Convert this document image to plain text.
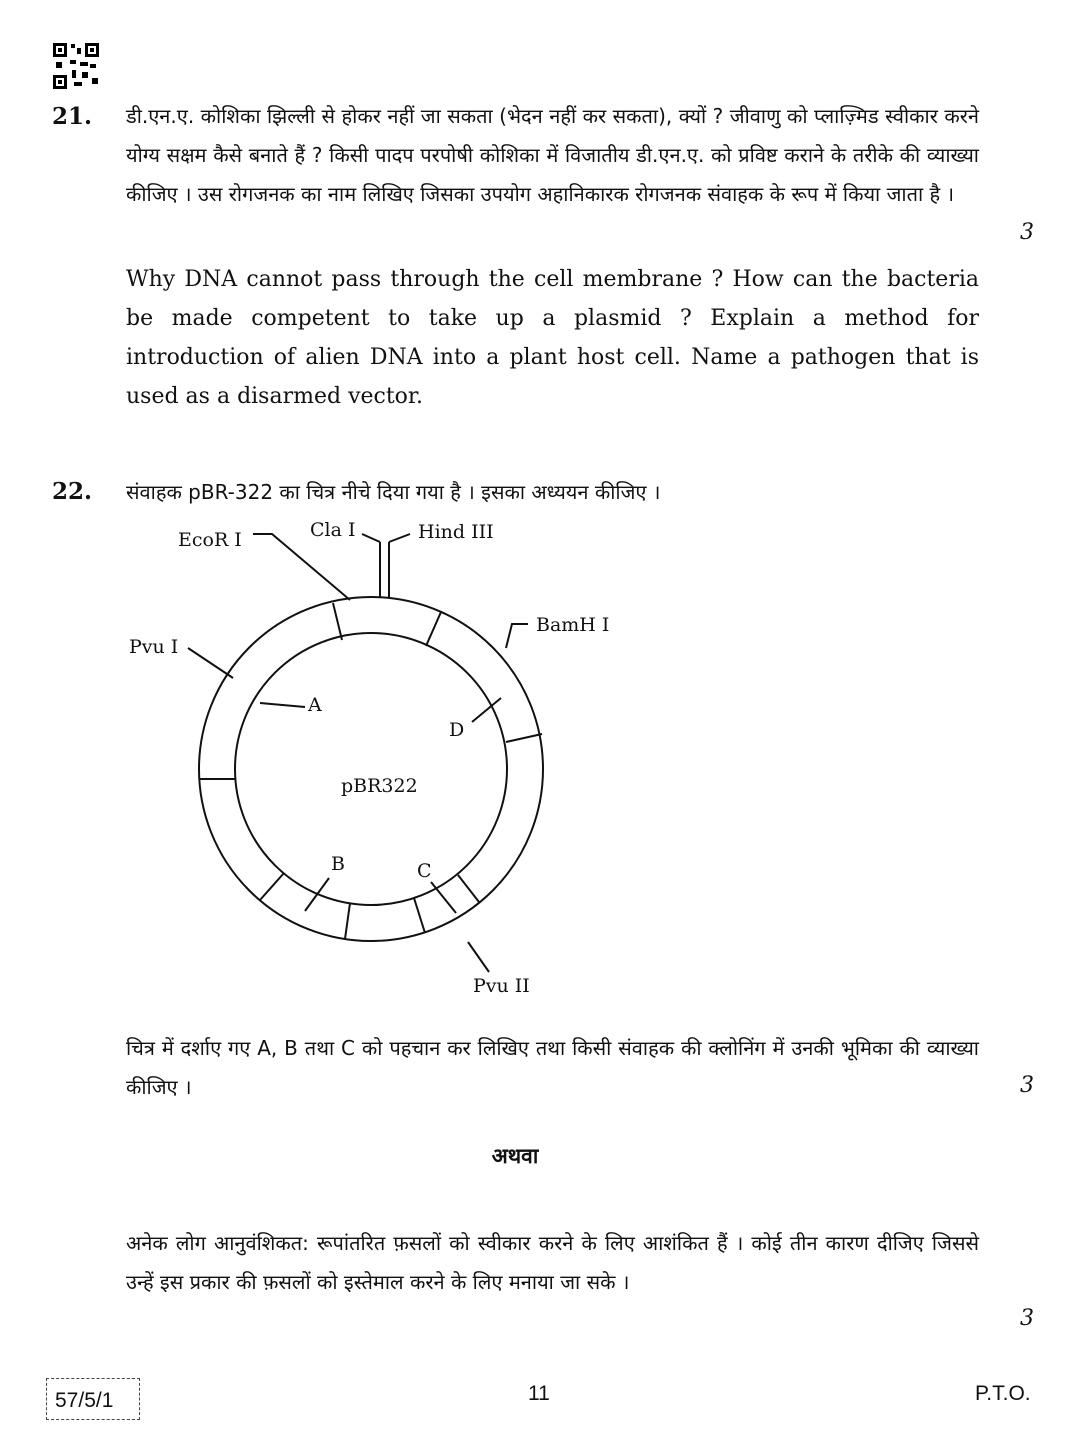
21. डी.एन.ए. कोशिका झिल्ली से होकर नहीं जा सकता (भेदन नहीं कर सकता), क्यों ? जीवाणु को प्लाज़्मिड स्वीकार करने योग्य सक्षम कैसे बनाते हैं ? किसी पादप परपोषी कोशिका में विजातीय डी.एन.ए. को प्रविष्ट कराने के तरीके की व्याख्या कीजिए । उस रोगजनक का नाम लिखिए जिसका उपयोग अहानिकारक रोगजनक संवाहक के रूप में किया जाता है ।
3
Why DNA cannot pass through the cell membrane ? How can the bacteria be made competent to take up a plasmid ? Explain a method for introduction of alien DNA into a plant host cell. Name a pathogen that is used as a disarmed vector.
22. संवाहक pBR-322 का चित्र नीचे दिया गया है । इसका अध्ययन कीजिए ।
EcoR I	Cla I	Hind III
BamH I
Pvu I
Pvu II
pBR322
A
D
B	C
चित्र में दर्शाए गए A, B तथा C को पहचान कर लिखिए तथा किसी संवाहक की क्लोनिंग में उनकी भूमिका की व्याख्या कीजिए ।	3
अथवा
अनेक लोग आनुवंशिकत: रूपांतरित फ़सलों को स्वीकार करने के लिए आशंकित हैं । कोई तीन कारण दीजिए जिससे उन्हें इस प्रकार की फ़सलों को इस्तेमाल करने के लिए मनाया जा सके ।
3
57/5/1	11	P.T.O.
